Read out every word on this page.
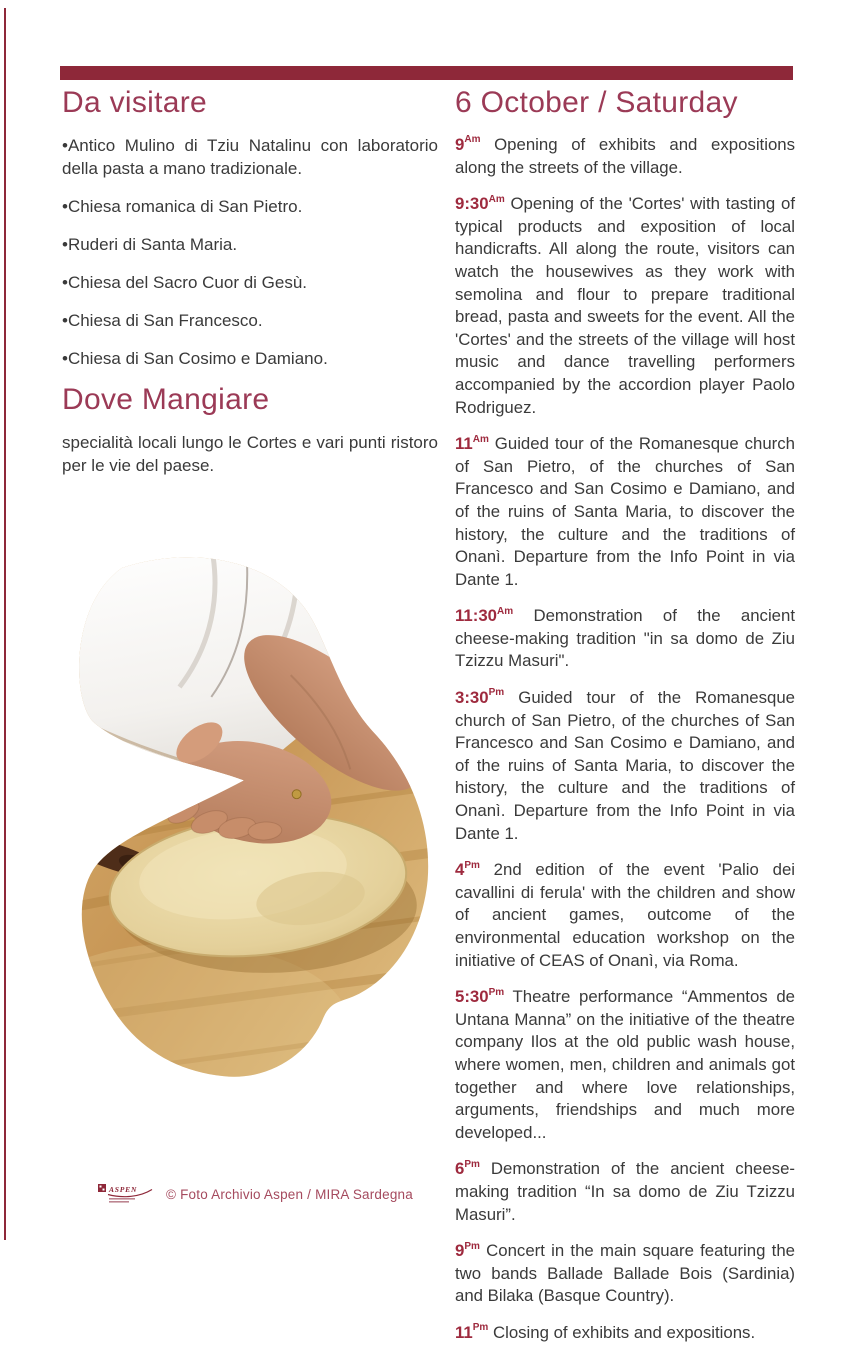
Da visitare
•Antico Mulino di Tziu Natalinu con laboratorio della pasta a mano tradizionale.
•Chiesa romanica di San Pietro.
•Ruderi di Santa Maria.
•Chiesa del Sacro Cuor di Gesù.
•Chiesa di San Francesco.
•Chiesa di San Cosimo e Damiano.
Dove Mangiare

specialità locali lungo le Cortes e vari punti ristoro per le vie del paese.

6 October / Saturday

$9^{Am}$ Opening of exhibits and expositions along the streets of the village.

$9:30^{Am}$ Opening of the 'Cortes' with tasting of typical products and exposition of local handicrafts. All along the route, visitors can watch the housewives as they work with semolina and flour to prepare traditional bread, pasta and sweets for the event. All the 'Cortes' and the streets of the village will host music and dance travelling performers accompanied by the accordion player Paolo Rodriguez.

$11^{Am}$ Guided tour of the Romanesque church of San Pietro, of the churches of San Francesco and San Cosimo e Damiano, and of the ruins of Santa Maria, to discover the history, the culture and the traditions of Onanì. Departure from the Info Point in via Dante 1.

$11:30^{Am}$ Demonstration of the ancient cheese-making tradition "in sa domo de Ziu Tzizzu Masuri".

$3:30^{Pm}$ Guided tour of the Romanesque church of San Pietro, of the churches of San Francesco and San Cosimo e Damiano, and of the ruins of Santa Maria, to discover the history, the culture and the traditions of Onanì. Departure from the Info Point in via Dante 1.

$4^{Pm}$ 2nd edition of the event 'Palio dei cavallini di ferula' with the children and show of ancient games, outcome of the environmental education workshop on the initiative of CEAS of Onanì, via Roma.

$5:30^{Pm}$ Theatre performance “Ammentos de Untana Manna” on the initiative of the theatre company Ilos at the old public wash house, where women, men, children and animals got together and where love relationships, arguments, friendships and much more developed...

$6^{Pm}$ Demonstration of the ancient cheese-making tradition “In sa domo de Ziu Tzizzu Masuri”.

$9^{Pm}$ Concert in the main square featuring the two bands Ballade Ballade Bois (Sardinia) and Bilaka (Basque Country).

$11^{Pm}$ Closing of exhibits and expositions.

ASPEN © Foto Archivio Aspen / MIRA Sardegna
